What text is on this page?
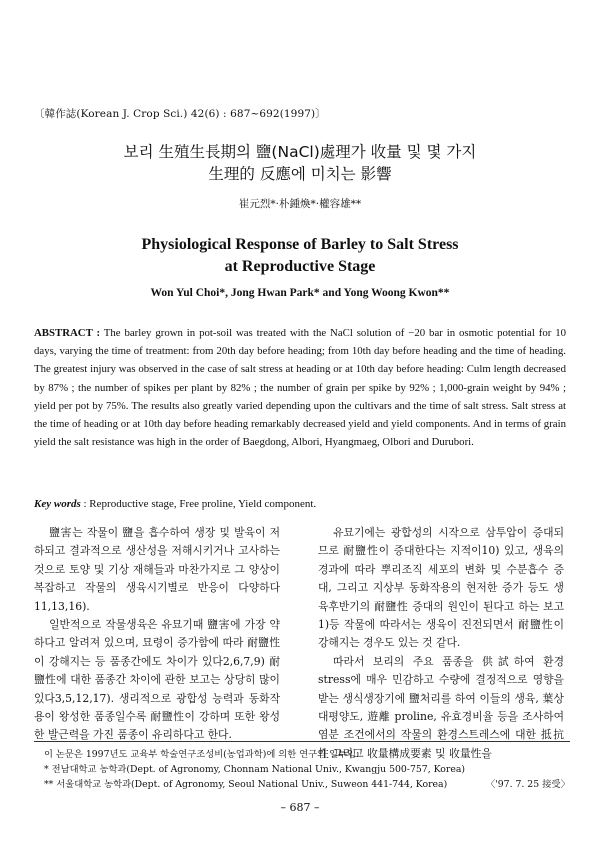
〔韓作誌(Korean J. Crop Sci.) 42(6) : 687~692(1997)〕
보리 生殖生長期의 鹽(NaCl)處理가 收量 및 몇 가지
生理的 反應에 미치는 影響
崔元烈*·朴鍾煥*·權容雄**
Physiological Response of Barley to Salt Stress
at Reproductive Stage
Won Yul Choi*, Jong Hwan Park* and Yong Woong Kwon**
ABSTRACT : The barley grown in pot-soil was treated with the NaCl solution of −20 bar in osmotic potential for 10 days, varying the time of treatment: from 20th day before heading; from 10th day before heading and the time of heading. The greatest injury was observed in the case of salt stress at heading or at 10th day before heading: Culm length decreased by 87% ; the number of spikes per plant by 82% ; the number of grain per spike by 92% ; 1,000-grain weight by 94% ; yield per pot by 75%. The results also greatly varied depending upon the cultivars and the time of salt stress. Salt stress at the time of heading or at 10th day before heading remarkably decreased yield and yield components. And in terms of grain yield the salt resistance was high in the order of Baegdong, Albori, Hyangmaeg, Olbori and Durubori.
Key words : Reproductive stage, Free proline, Yield component.

鹽害는 작물이 鹽을 흡수하여 생장 및 발육이 저하되고 결과적으로 생산성을 저해시키거나 고사하는 것으로 토양 및 기상 재해들과 마찬가지로 그 양상이 복잡하고 작물의 생육시기별로 반응이 다양하다11,13,16).

일반적으로 작물생육은 유묘기때 鹽害에 가장 약하다고 알려져 있으며, 묘령이 증가함에 따라 耐鹽性이 강해지는 등 품종간에도 차이가 있다2,6,7,9) 耐鹽性에 대한 품종간 차이에 관한 보고는 상당히 많이 있다3,5,12,17). 생리적으로 광합성 능력과 동화작용이 왕성한 품종일수록 耐鹽性이 강하며 또한 왕성한 발근력을 가진 품종이 유리하다고 한다.

유묘기에는 광합성의 시작으로 삼투압이 증대되므로 耐鹽性이 증대한다는 지적이10) 있고, 생육의 경과에 따라 뿌리조직 세포의 변화 및 수분흡수 증대, 그리고 지상부 동화작용의 현저한 증가 등도 생육후반기의 耐鹽性 증대의 원인이 된다고 하는 보고1)등 작물에 따라서는 생육이 진전되면서 耐鹽性이 강해지는 경우도 있는 것 같다.

따라서 보리의 주요 품종을 供試하여 환경 stress에 매우 민감하고 수량에 결정적으로 영향을 받는 생식생장기에 鹽처리를 하여 이들의 생육, 葉상대평양도, 遊離 proline, 유효경비율 등을 조사하여 염분 조건에서의 작물의 환경스트레스에 대한 抵抗性 그리고 收量構成要素 및 收量性을

이 논문은 1997년도 교육부 학술연구조성비(농업과학)에 의한 연구의 일부임.
* 전남대학교 농학과(Dept. of Agronomy, Chonnam National Univ., Kwangju 500-757, Korea)
** 서울대학교 농학과(Dept. of Agronomy, Seoul National Univ., Suweon 441-744, Korea)	〈'97. 7. 25 接受〉
– 687 –
